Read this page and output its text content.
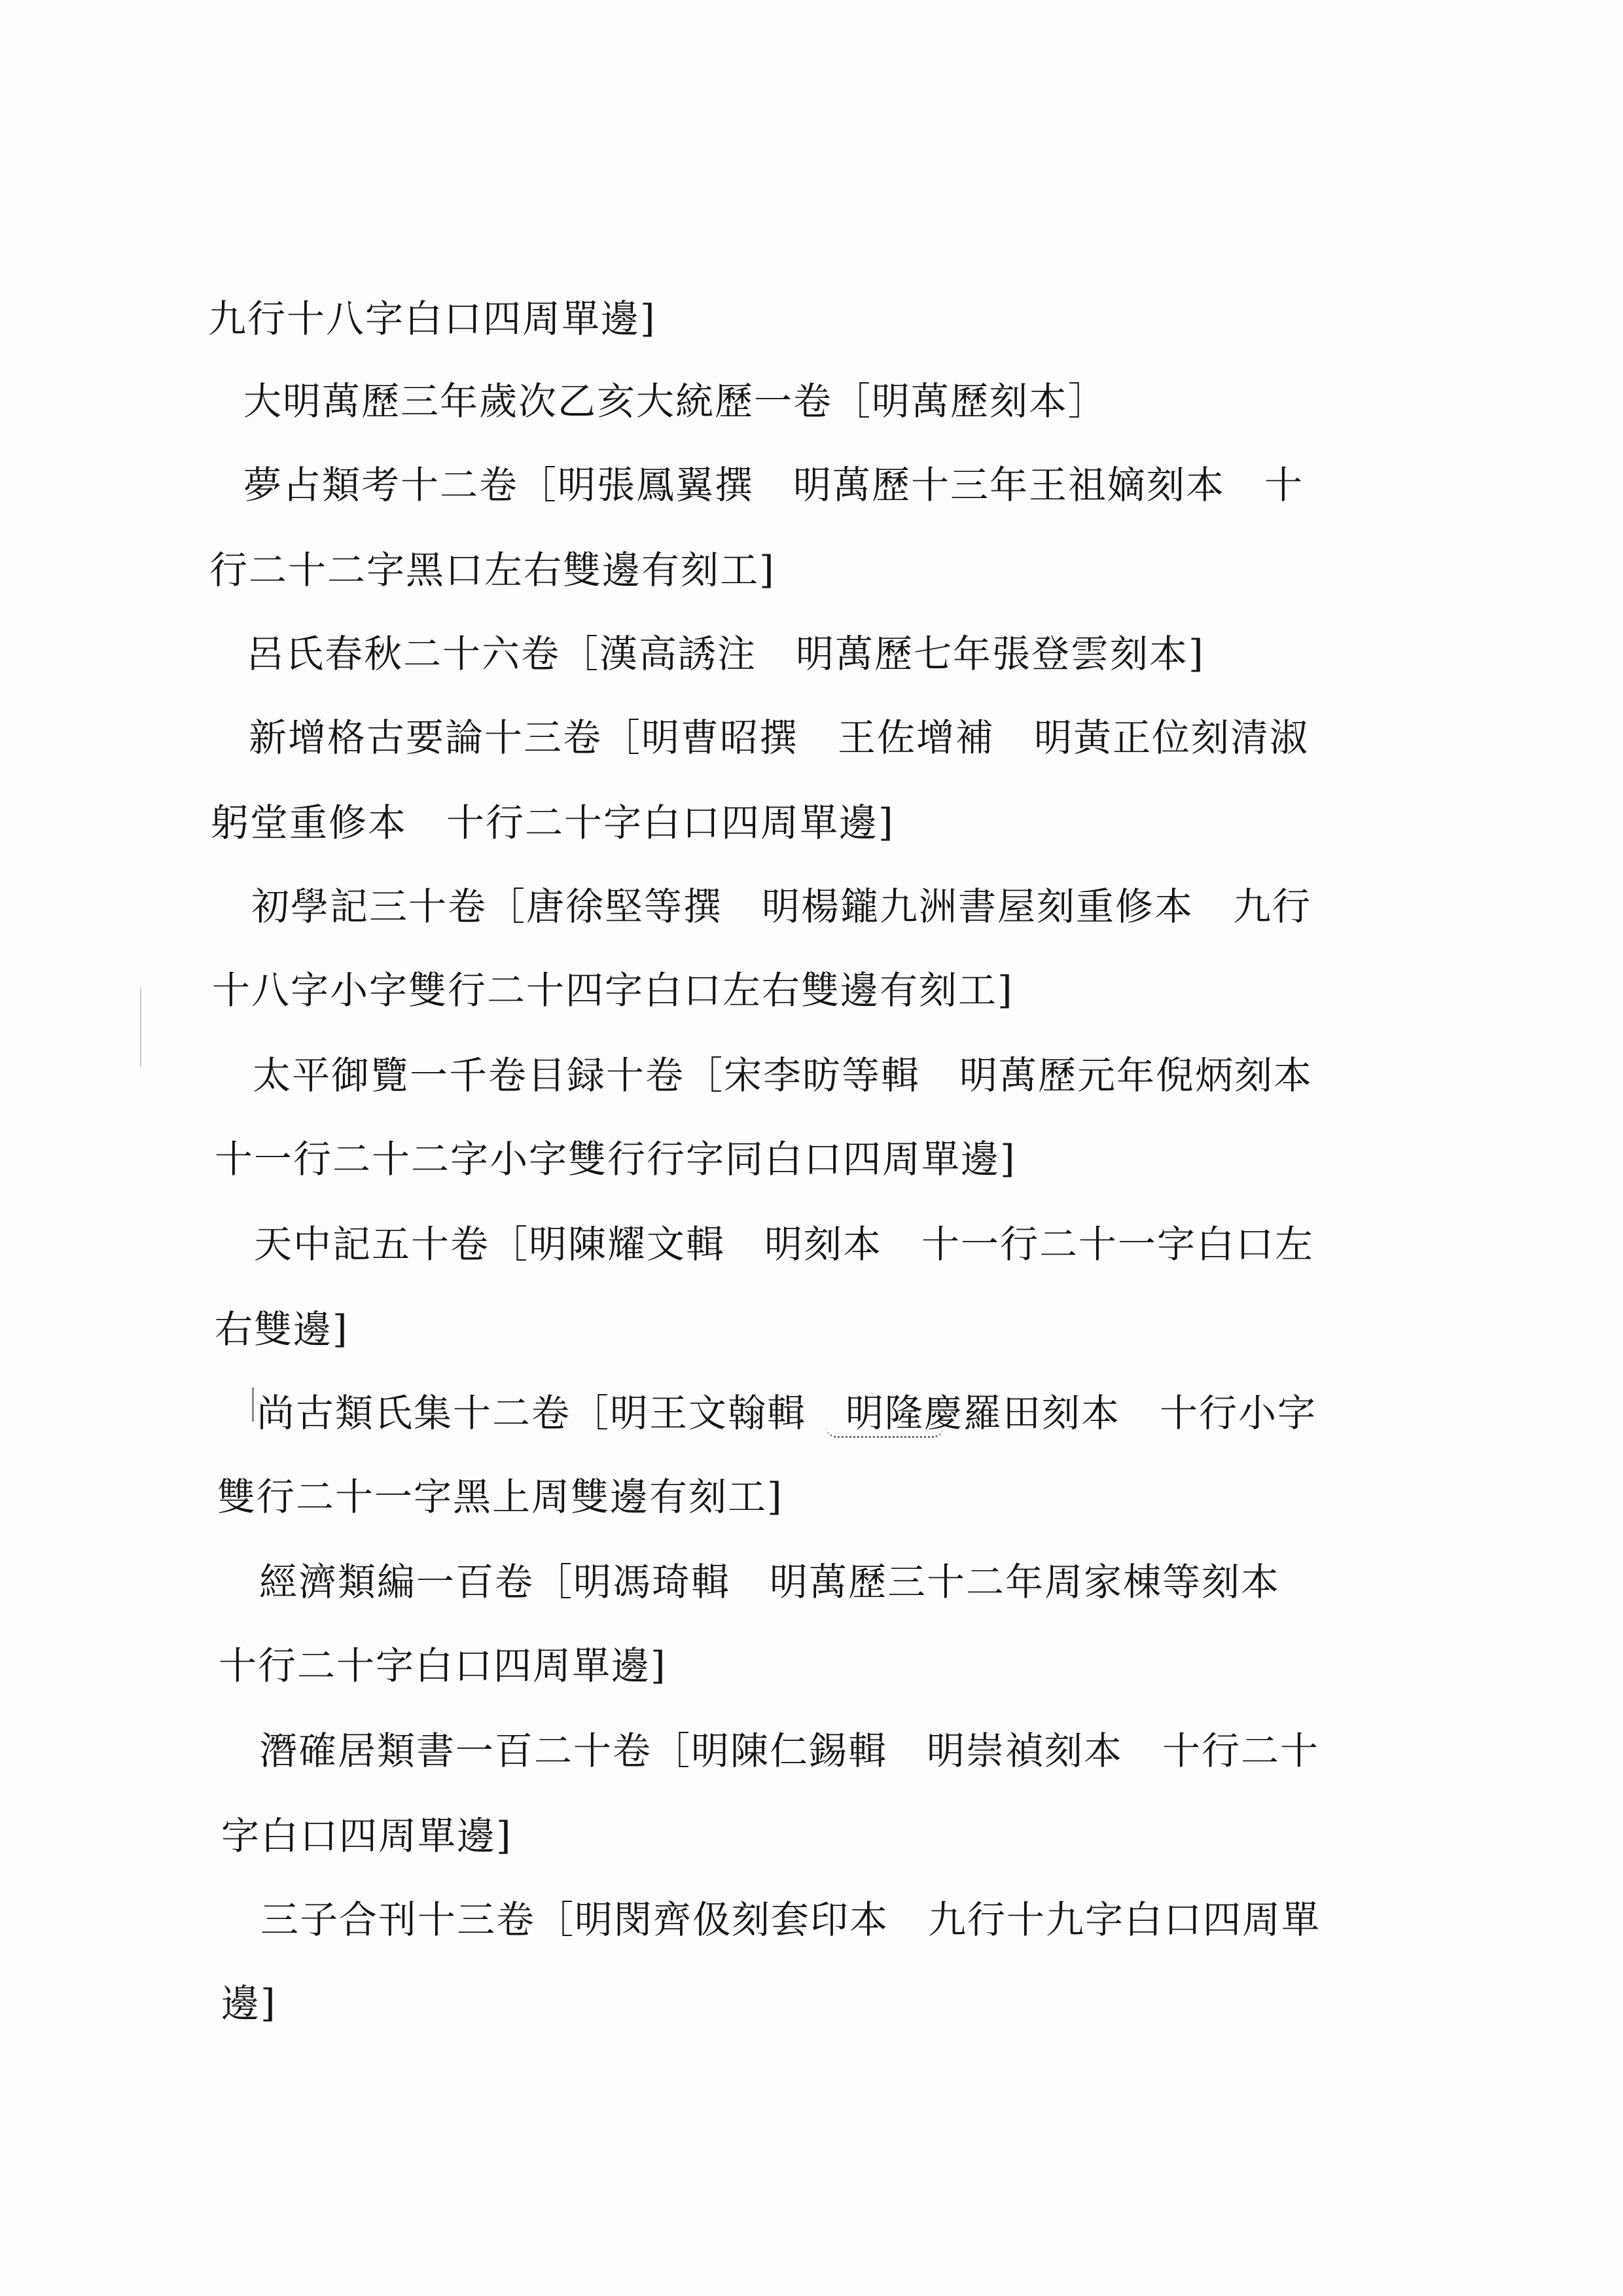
九行十八字白口四周單邊]
大明萬歷三年歲次乙亥大統歷一卷［明萬歷刻本］
夢占類考十二卷［明張鳳翼撰　明萬歷十三年王祖嫡刻本　十
行二十二字黑口左右雙邊有刻工]
呂氏春秋二十六卷［漢高誘注　明萬歷七年張登雲刻本]
新增格古要論十三卷［明曹昭撰　王佐增補　明黃正位刻清淑
躬堂重修本　十行二十字白口四周單邊]
初學記三十卷［唐徐堅等撰　明楊鑨九洲書屋刻重修本　九行
十八字小字雙行二十四字白口左右雙邊有刻工]
太平御覽一千卷目録十卷［宋李昉等輯　明萬歷元年倪炳刻本
十一行二十二字小字雙行行字同白口四周單邊]
天中記五十卷［明陳耀文輯　明刻本　十一行二十一字白口左
右雙邊]
尚古類氏集十二卷［明王文翰輯　明隆慶羅田刻本　十行小字
雙行二十一字黑上周雙邊有刻工]
經濟類編一百卷［明馮琦輯　明萬歷三十二年周家棟等刻本
十行二十字白口四周單邊]
潛確居類書一百二十卷［明陳仁錫輯　明崇禎刻本　十行二十
字白口四周單邊]
三子合刊十三卷［明閔齊伋刻套印本　九行十九字白口四周單
邊]
